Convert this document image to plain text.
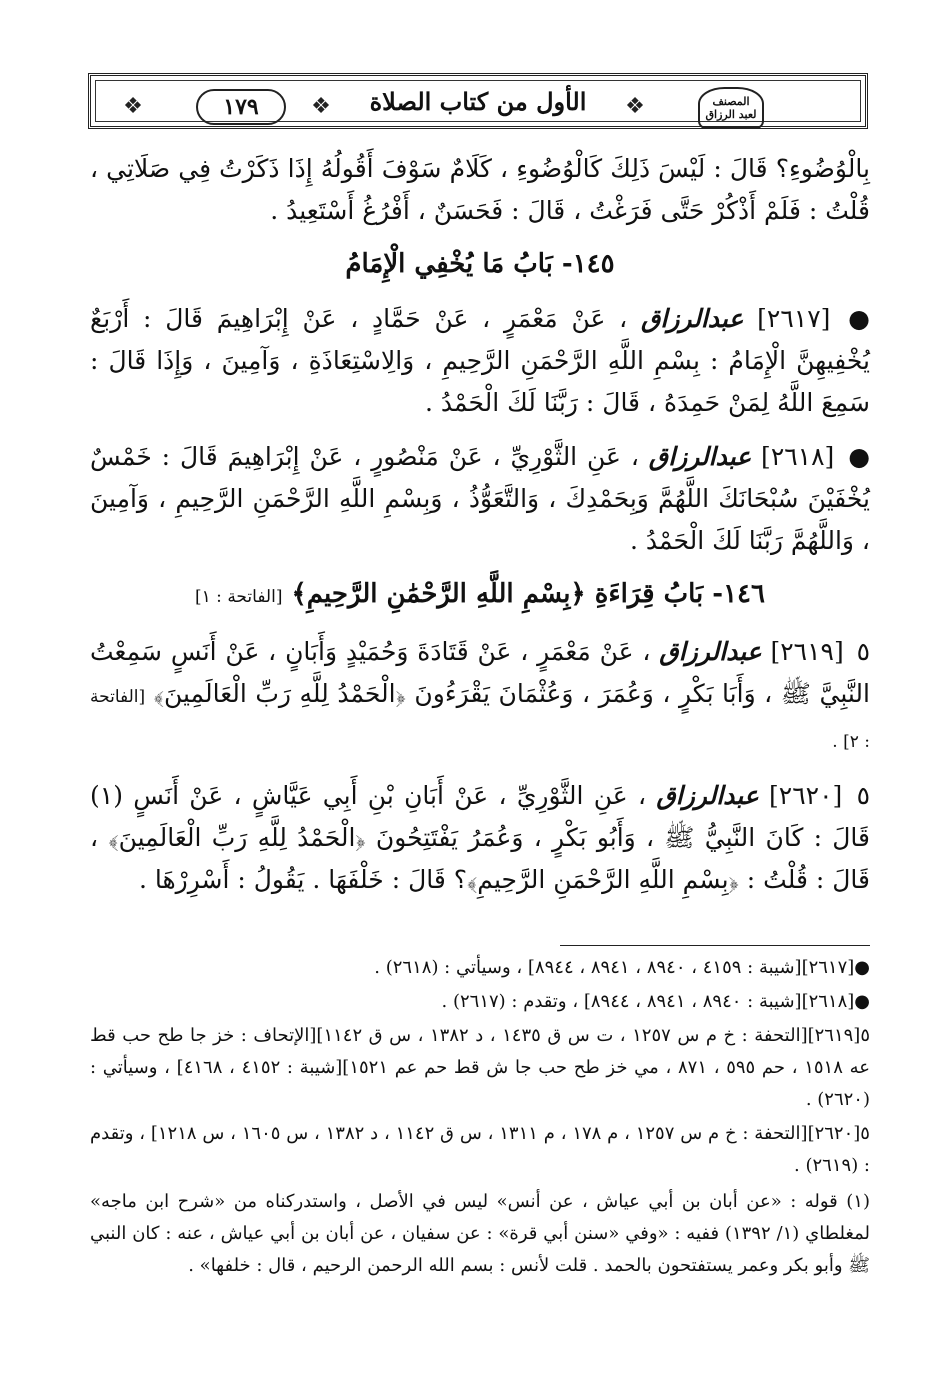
❖	١٧٩	❖	الأول من كتاب الصلاة	❖	المصنف
لعبد الرزاق

بِالْوُضُوءِ؟ قَالَ : لَيْسَ ذَلِكَ كَالْوُضُوءِ ، كَلَامٌ سَوْفَ أَقُولُهُ إِذَا ذَكَرْتُ فِي صَلَاتِي ، قُلْتُ : فَلَمْ أَذْكُرْ حَتَّى فَرَغْتُ ، قَالَ : فَحَسَنٌ ، أَفْرُغُ أَسْتَعِيدُ .

١٤٥- بَابُ مَا يُخْفِي الْإِمَامُ

● [٢٦١٧] عبدالرزاق ، عَنْ مَعْمَرٍ ، عَنْ حَمَّادٍ ، عَنْ إِبْرَاهِيمَ قَالَ : أَرْبَعٌ يُخْفِيهِنَّ الْإِمَامُ : بِسْمِ اللَّهِ الرَّحْمَنِ الرَّحِيمِ ، وَالِاسْتِعَاذَةِ ، وَآمِينَ ، وَإِذَا قَالَ : سَمِعَ اللَّهُ لِمَنْ حَمِدَهُ ، قَالَ : رَبَّنَا لَكَ الْحَمْدُ .

● [٢٦١٨] عبدالرزاق ، عَنِ الثَّوْرِيِّ ، عَنْ مَنْصُورٍ ، عَنْ إِبْرَاهِيمَ قَالَ : خَمْسٌ يُخْفَيْنَ سُبْحَانَكَ اللَّهُمَّ وَبِحَمْدِكَ ، وَالتَّعَوُّذُ ، وَبِسْمِ اللَّهِ الرَّحْمَنِ الرَّحِيمِ ، وَآمِينَ ، وَاللَّهُمَّ رَبَّنَا لَكَ الْحَمْدُ .

١٤٦- بَابُ قِرَاءَةِ ﴿بِسْمِ اللَّهِ الرَّحْمَٰنِ الرَّحِيمِ﴾ [الفاتحة : ١]

٥ [٢٦١٩] عبدالرزاق ، عَنْ مَعْمَرٍ ، عَنْ قَتَادَةَ وَحُمَيْدٍ وَأَبَانٍ ، عَنْ أَنَسٍ سَمِعْتُ النَّبِيَّ ﷺ ، وَأَبَا بَكْرٍ ، وَعُمَرَ ، وَعُثْمَانَ يَقْرَءُونَ ﴿الْحَمْدُ لِلَّهِ رَبِّ الْعَالَمِينَ﴾ [الفاتحة : ٢] .

٥ [٢٦٢٠] عبدالرزاق ، عَنِ الثَّوْرِيِّ ، عَنْ أَبَانِ بْنِ أَبِي عَيَّاشٍ ، عَنْ أَنَسٍ (١) قَالَ : كَانَ النَّبِيُّ ﷺ ، وَأَبُو بَكْرٍ ، وَعُمَرُ يَفْتَتِحُونَ ﴿الْحَمْدُ لِلَّهِ رَبِّ الْعَالَمِينَ﴾ ، قَالَ : قُلْتُ : ﴿بِسْمِ اللَّهِ الرَّحْمَنِ الرَّحِيمِ﴾؟ قَالَ : خَلْفَهَا . يَقُولُ : أَسْرِرْهَا .

●[٢٦١٧][شيبة : ٤١٥٩ ، ٨٩٤٠ ، ٨٩٤١ ، ٨٩٤٤] ، وسيأتي : (٢٦١٨) .

●[٢٦١٨][شيبة : ٨٩٤٠ ، ٨٩٤١ ، ٨٩٤٤] ، وتقدم : (٢٦١٧) .

٥[٢٦١٩][التحفة : خ م س ١٢٥٧ ، ت س ق ١٤٣٥ ، د ١٣٨٢ ، س ق ١١٤٢][الإتحاف : خز جا طح حب قط عه ١٥١٨ ، حم ٥٩٥ ، ٨٧١ ، مي خز طح حب جا ش قط حم عم ١٥٢١][شيبة : ٤١٥٢ ، ٤١٦٨] ، وسيأتي : (٢٦٢٠) .

٥[٢٦٢٠][التحفة : خ م س ١٢٥٧ ، م ١٧٨ ، م ١٣١١ ، س ق ١١٤٢ ، د ١٣٨٢ ، س ١٦٠٥ ، س ١٢١٨] ، وتقدم : (٢٦١٩) .

(١) قوله : «عن أبان بن أبي عياش ، عن أنس» ليس في الأصل ، واستدركناه من «شرح ابن ماجه» لمغلطاي (١/ ١٣٩٢) ففيه : «وفي «سنن أبي قرة» : عن سفيان ، عن أبان بن أبي عياش ، عنه : كان النبي ﷺ وأبو بكر وعمر يستفتحون بالحمد . قلت لأنس : بسم الله الرحمن الرحيم ، قال : خلفها» .
